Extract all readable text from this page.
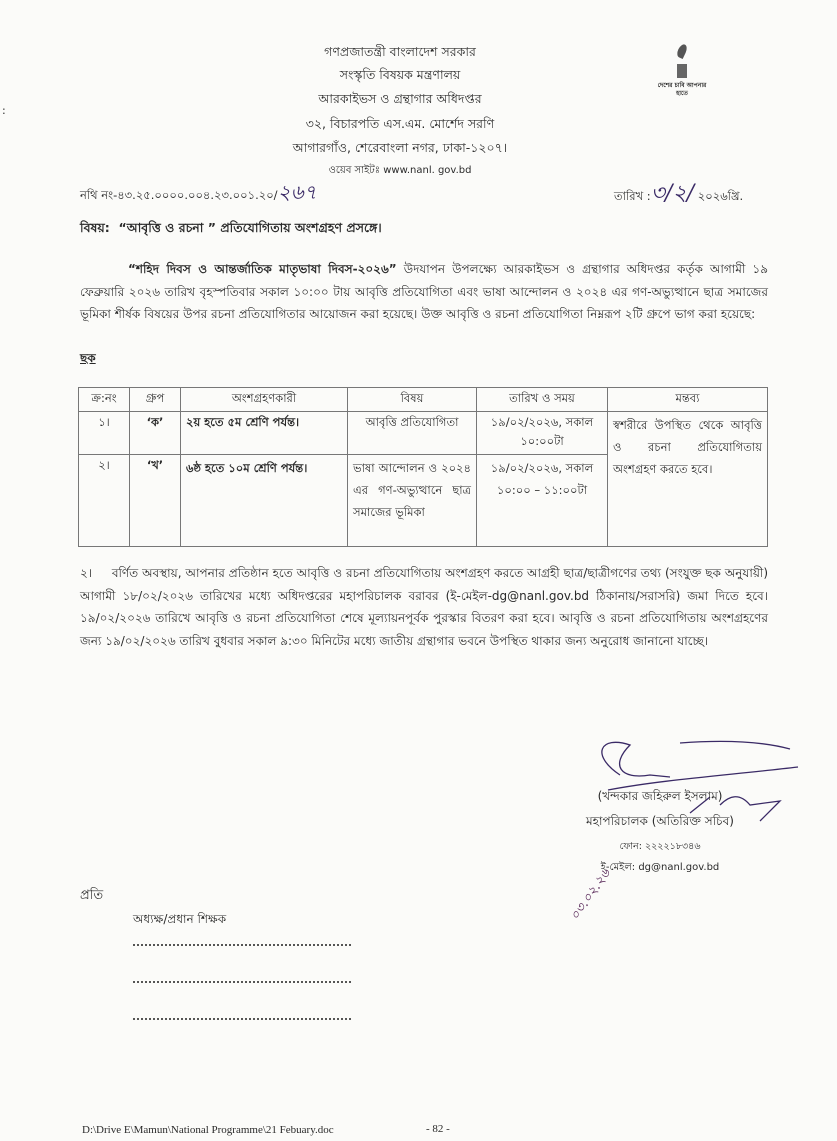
:
গণপ্রজাতন্ত্রী বাংলাদেশ সরকার
সংস্কৃতি বিষয়ক মন্ত্রণালয়
আরকাইভস ও গ্রন্থাগার অধিদপ্তর
৩২, বিচারপতি এস.এম. মোর্শেদ সরণি
আগারগাঁও, শেরেবাংলা নগর, ঢাকা-১২০৭।
ওয়েব সাইটঃ www.nanl. gov.bd
দেশের চাবি আপনার হাতে
নথি নং-৪৩.২৫.০০০০.০০৪.২৩.০০১.২০/২৬৭	তারিখ :৩/২/ ২০২৬খ্রি.
বিষয়: “আবৃত্তি ও রচনা ” প্রতিযোগিতায় অংশগ্রহণ প্রসঙ্গে।
“শহিদ দিবস ও আন্তর্জাতিক মাতৃভাষা দিবস-২০২৬” উদযাপন উপলক্ষ্যে আরকাইভস ও গ্রন্থাগার অধিদপ্তর কর্তৃক আগামী ১৯ ফেব্রুয়ারি ২০২৬ তারিখ বৃহস্পতিবার সকাল ১০:০০ টায় আবৃত্তি প্রতিযোগিতা এবং ভাষা আন্দোলন ও ২০২৪ এর গণ-অভ্যুত্থানে ছাত্র সমাজের ভূমিকা শীর্ষক বিষয়ের উপর রচনা প্রতিযোগিতার আয়োজন করা হয়েছে। উক্ত আবৃত্তি ও রচনা প্রতিযোগিতা নিম্নরূপ ২টি গ্রুপে ভাগ করা হয়েছে:
ছক
ক্র:নং	গ্রুপ	অংশগ্রহণকারী	বিষয়	তারিখ ও সময়	মন্তব্য
১।	‘ক’	২য় হতে ৫ম শ্রেণি পর্যন্ত।	আবৃত্তি প্রতিযোগিতা	১৯/০২/২০২৬, সকাল ১০:০০টা	স্বশরীরে উপস্থিত থেকে আবৃত্তি ও রচনা প্রতিযোগিতায় অংশগ্রহণ করতে হবে।
২।	‘খ’	৬ষ্ঠ হতে ১০ম শ্রেণি পর্যন্ত।	ভাষা আন্দোলন ও ২০২৪ এর গণ-অভ্যুত্থানে ছাত্র সমাজের ভূমিকা	১৯/০২/২০২৬, সকাল ১০:০০ – ১১:০০টা	
২। বর্ণিত অবস্থায়, আপনার প্রতিষ্ঠান হতে আবৃত্তি ও রচনা প্রতিযোগিতায় অংশগ্রহণ করতে আগ্রহী ছাত্র/ছাত্রীগণের তথ্য (সংযুক্ত ছক অনুযায়ী) আগামী ১৮/০২/২০২৬ তারিখের মধ্যে অধিদপ্তরের মহাপরিচালক বরাবর (ই-মেইল-dg@nanl.gov.bd ঠিকানায়/সরাসরি) জমা দিতে হবে। ১৯/০২/২০২৬ তারিখে আবৃত্তি ও রচনা প্রতিযোগিতা শেষে মূল্যায়নপূর্বক পুরস্কার বিতরণ করা হবে। আবৃত্তি ও রচনা প্রতিযোগিতায় অংশগ্রহণের জন্য ১৯/০২/২০২৬ তারিখ বুধবার সকাল ৯:৩০ মিনিটের মধ্যে জাতীয় গ্রন্থাগার ভবনে উপস্থিত থাকার জন্য অনুরোধ জানানো যাচ্ছে।
(খন্দকার জহিরুল ইসলাম)
মহাপরিচালক (অতিরিক্ত সচিব)
ফোন: ২২২২১৮৩৪৬
ই-মেইল: dg@nanl.gov.bd
০৩.০২.২৬
প্রতি
অধ্যক্ষ/প্রধান শিক্ষক
D:\Drive E\Mamun\National Programme\21 Febuary.doc	- 82 -
